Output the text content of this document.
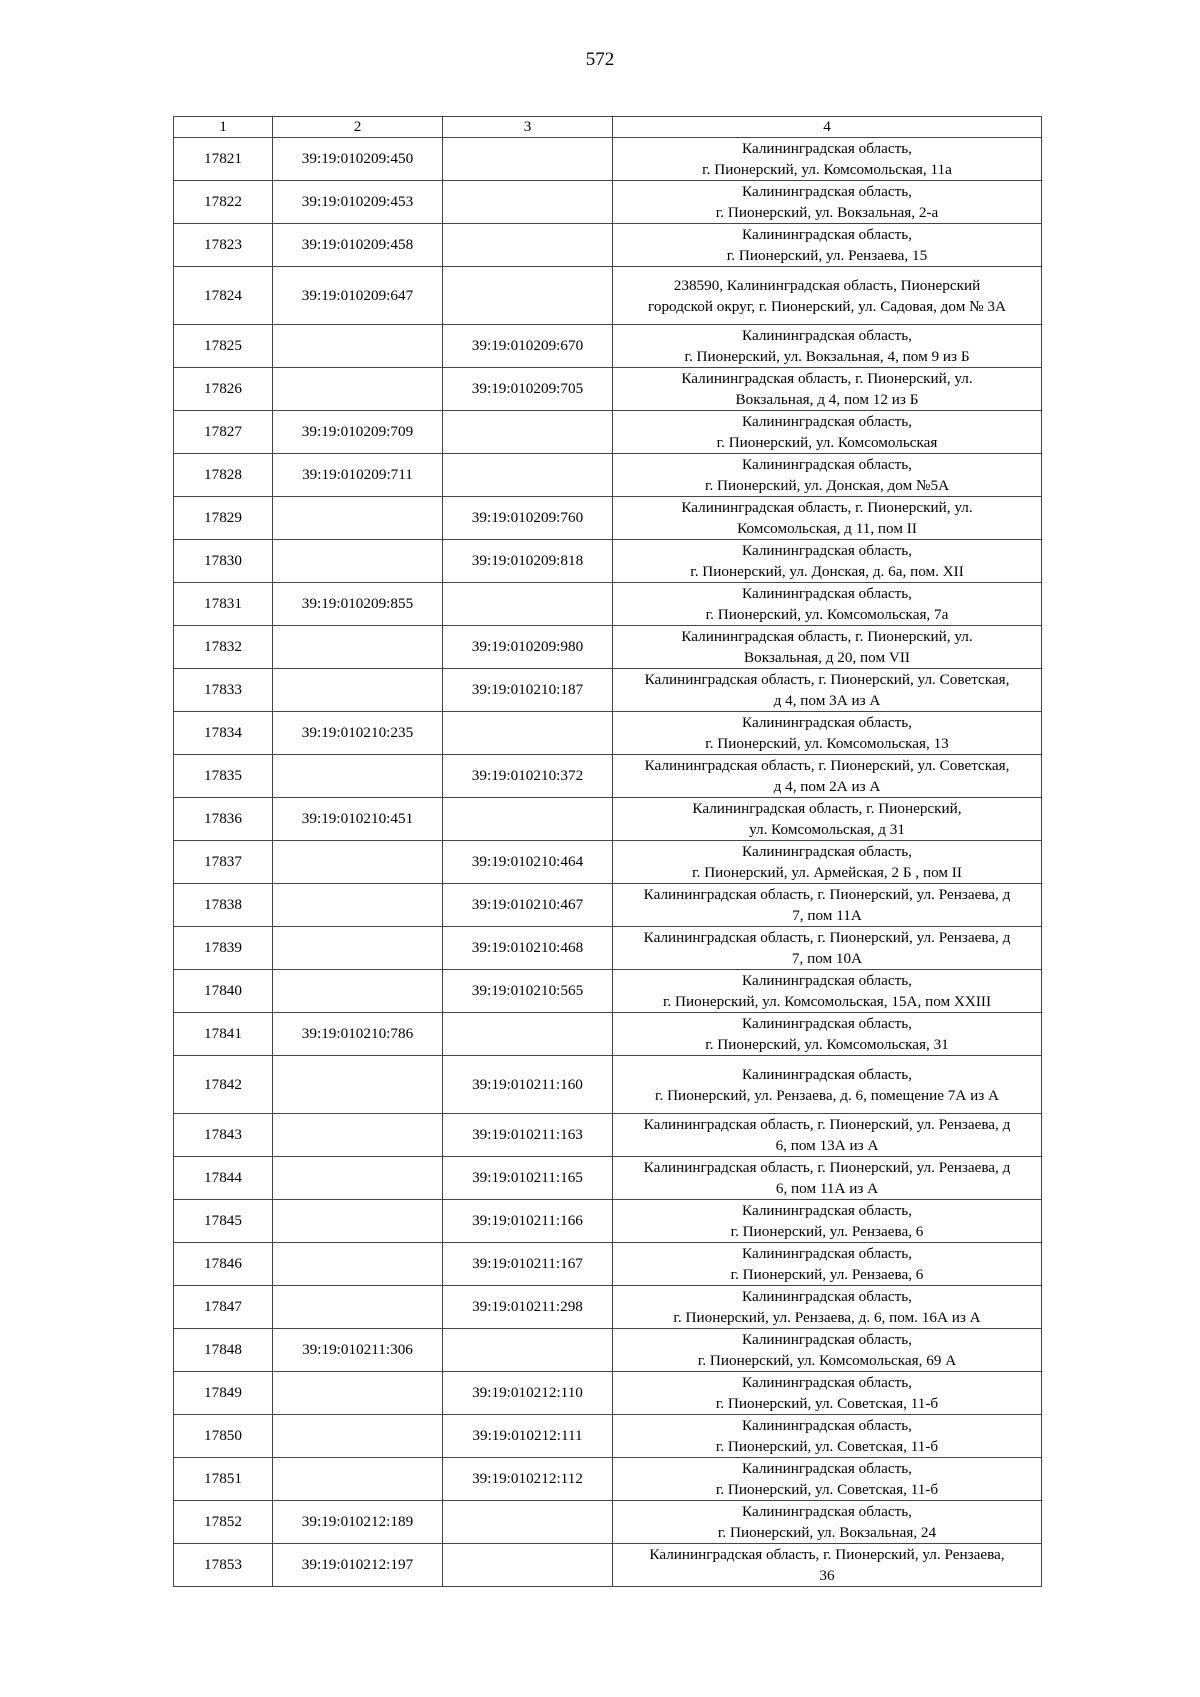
572
1	2	3	4
17821	39:19:010209:450		Калининградская область,
г. Пионерский, ул. Комсомольская, 11а

17822	39:19:010209:453		Калининградская область,
г. Пионерский, ул. Вокзальная, 2-а

17823	39:19:010209:458		Калининградская область,
г. Пионерский, ул. Рензаева, 15

17824	39:19:010209:647		238590, Калининградская область, Пионерский
городской округ, г. Пионерский, ул. Садовая, дом № 3А

17825		39:19:010209:670	Калининградская область,
г. Пионерский, ул. Вокзальная, 4, пом 9 из Б

17826		39:19:010209:705	Калининградская область, г. Пионерский, ул.
Вокзальная, д 4, пом 12 из Б

17827	39:19:010209:709		Калининградская область,
г. Пионерский, ул. Комсомольская

17828	39:19:010209:711		Калининградская область,
г. Пионерский, ул. Донская, дом №5А

17829		39:19:010209:760	Калининградская область, г. Пионерский, ул.
Комсомольская, д 11, пом II

17830		39:19:010209:818	Калининградская область,
г. Пионерский, ул. Донская, д. 6а, пом. XII

17831	39:19:010209:855		Калининградская область,
г. Пионерский, ул. Комсомольская, 7а

17832		39:19:010209:980	Калининградская область, г. Пионерский, ул.
Вокзальная, д 20, пом VII

17833		39:19:010210:187	Калининградская область, г. Пионерский, ул. Советская,
д 4, пом 3А из А

17834	39:19:010210:235		Калининградская область,
г. Пионерский, ул. Комсомольская, 13

17835		39:19:010210:372	Калининградская область, г. Пионерский, ул. Советская,
д 4, пом 2А из А

17836	39:19:010210:451		Калининградская область, г. Пионерский,
ул. Комсомольская, д 31

17837		39:19:010210:464	Калининградская область,
г. Пионерский, ул. Армейская, 2 Б , пом II

17838		39:19:010210:467	Калининградская область, г. Пионерский, ул. Рензаева, д
7, пом 11А

17839		39:19:010210:468	Калининградская область, г. Пионерский, ул. Рензаева, д
7, пом 10А

17840		39:19:010210:565	Калининградская область,
г. Пионерский, ул. Комсомольская, 15А, пом XXIII

17841	39:19:010210:786		Калининградская область,
г. Пионерский, ул. Комсомольская, 31

17842		39:19:010211:160	Калининградская область,
г. Пионерский, ул. Рензаева, д. 6, помещение 7А из А

17843		39:19:010211:163	Калининградская область, г. Пионерский, ул. Рензаева, д
6, пом 13А из А

17844		39:19:010211:165	Калининградская область, г. Пионерский, ул. Рензаева, д
6, пом 11А из А

17845		39:19:010211:166	Калининградская область,
г. Пионерский, ул. Рензаева, 6

17846		39:19:010211:167	Калининградская область,
г. Пионерский, ул. Рензаева, 6

17847		39:19:010211:298	Калининградская область,
г. Пионерский, ул. Рензаева, д. 6, пом. 16А из А

17848	39:19:010211:306		Калининградская область,
г. Пионерский, ул. Комсомольская, 69 А

17849		39:19:010212:110	Калининградская область,
г. Пионерский, ул. Советская, 11-б

17850		39:19:010212:111	Калининградская область,
г. Пионерский, ул. Советская, 11-б

17851		39:19:010212:112	Калининградская область,
г. Пионерский, ул. Советская, 11-б

17852	39:19:010212:189		Калининградская область,
г. Пионерский, ул. Вокзальная, 24

17853	39:19:010212:197		Калининградская область, г. Пионерский, ул. Рензаева,
36
